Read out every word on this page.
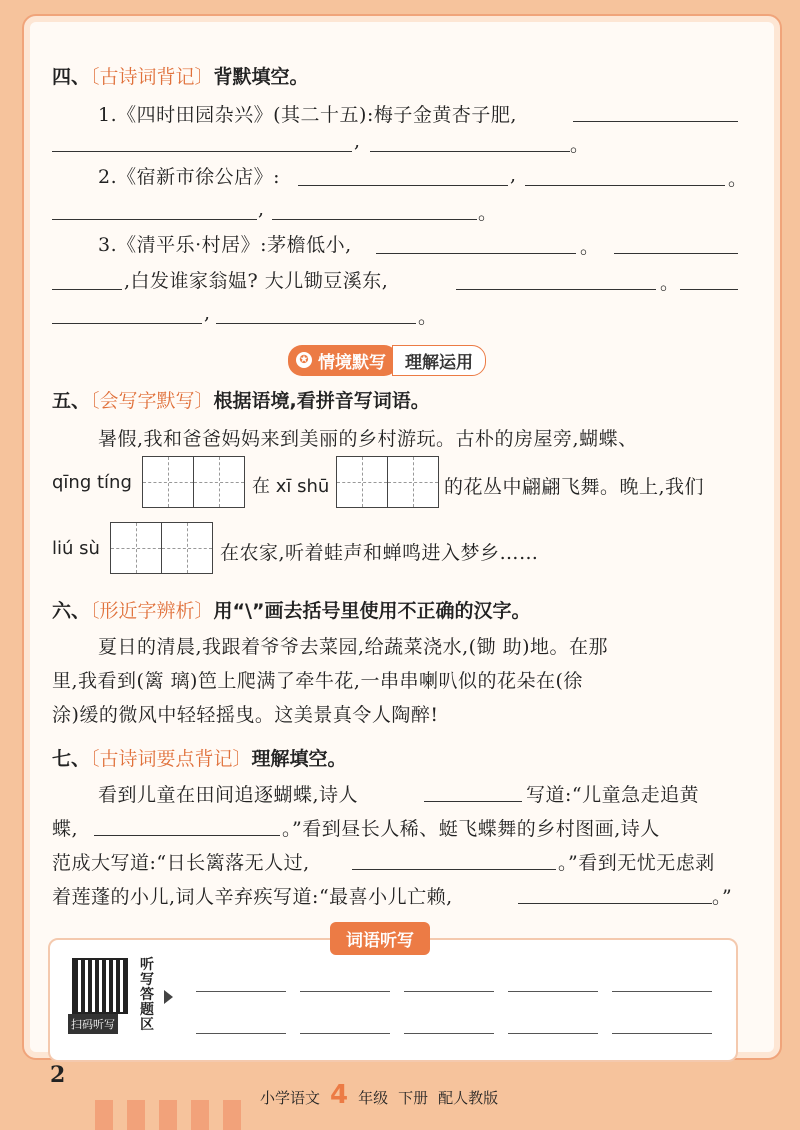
四、〔古诗词背记〕背默填空。
1.《四时田园杂兴》(其二十五):梅子金黄杏子肥,
,	。
2.《宿新市徐公店》:	,	。
,	。
3.《清平乐·村居》:茅檐低小,	。
,白发谁家翁媪? 大儿锄豆溪东,	。
,	。
✪ 情境默写	理解运用
五、〔会写字默写〕根据语境,看拼音写词语。
暑假,我和爸爸妈妈来到美丽的乡村游玩。古朴的房屋旁,蝴蝶、
qīng tíng	在 xī shū	的花丛中翩翩飞舞。晚上,我们
liú sù	在农家,听着蛙声和蝉鸣进入梦乡……
六、〔形近字辨析〕用“\”画去括号里使用不正确的汉字。
夏日的清晨,我跟着爷爷去菜园,给蔬菜浇水,(锄 助)地。在那
里,我看到(篱 璃)笆上爬满了牵牛花,一串串喇叭似的花朵在(徐
涂)缓的微风中轻轻摇曳。这美景真令人陶醉!
七、〔古诗词要点背记〕理解填空。
看到儿童在田间追逐蝴蝶,诗人	写道:“儿童急走追黄
蝶,	。”看到昼长人稀、蜓飞蝶舞的乡村图画,诗人
范成大写道:“日长篱落无人过,	。”看到无忧无虑剥
着莲蓬的小儿,词人辛弃疾写道:“最喜小儿亡赖,	。”
词语听写
扫码听写
听写答题区
2
小学语文 4 年级 下册 配人教版
